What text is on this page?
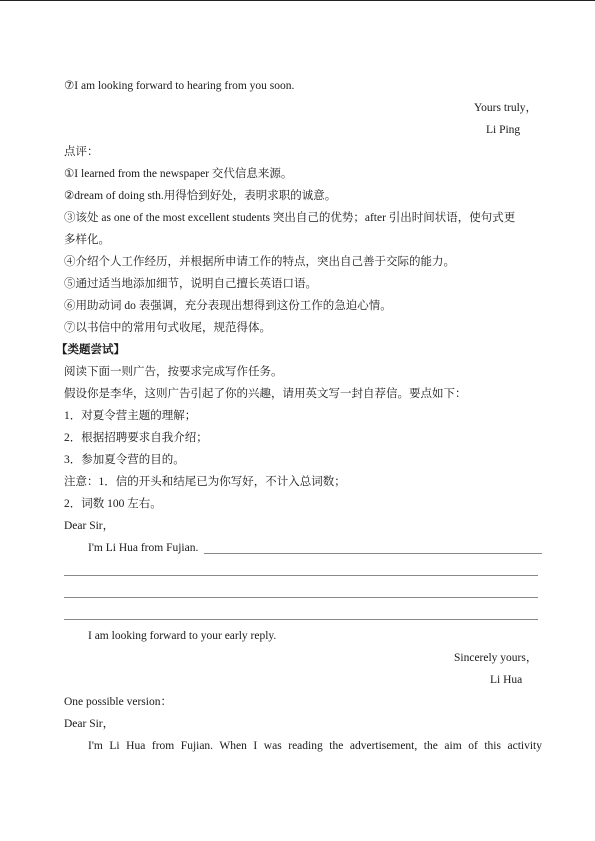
⑦I am looking forward to hearing from you soon.
Yours truly，
Li Ping
点评：
①I learned from the newspaper 交代信息来源。
②dream of doing sth.用得恰到好处，表明求职的诚意。
③该处 as one of the most excellent students 突出自己的优势；after 引出时间状语，使句式更
多样化。
④介绍个人工作经历，并根据所申请工作的特点，突出自己善于交际的能力。
⑤通过适当地添加细节，说明自己擅长英语口语。
⑥用助动词 do 表强调，充分表现出想得到这份工作的急迫心情。
⑦以书信中的常用句式收尾，规范得体。
【类题尝试】
阅读下面一则广告，按要求完成写作任务。
假设你是李华，这则广告引起了你的兴趣，请用英文写一封自荐信。要点如下：
1．对夏令营主题的理解；
2．根据招聘要求自我介绍；
3．参加夏令营的目的。
注意：1．信的开头和结尾已为你写好，不计入总词数；
2．词数 100 左右。
Dear Sir，
I'm Li Hua from Fujian.
I am looking forward to your early reply.
Sincerely yours，
Li Hua
One possible version：
Dear Sir，
I'm Li Hua from Fujian. When I was reading the advertisement, the aim of this activity
